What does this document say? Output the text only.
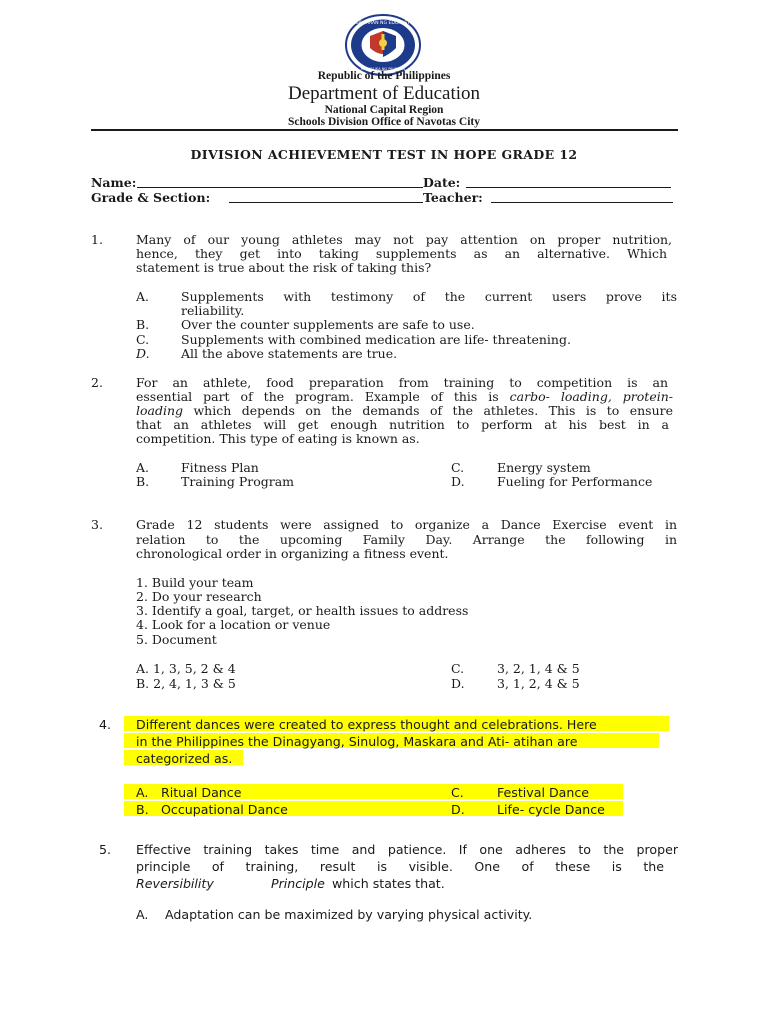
KAGAWARAN NG EDUKASYON
REPUBLIKA NG PILIPINAS
Republic of the Philippines
Department of Education
National Capital Region
Schools Division Office of Navotas City
DIVISION ACHIEVEMENT TEST IN HOPE GRADE 12
Name:	Date:
Grade & Section:	Teacher:
1.	Many of our young athletes may not pay attention on proper nutrition,
hence, they get into taking supplements as an alternative. Which
statement is true about the risk of taking this?
A.	Supplements with testimony of the current users prove its
reliability.
B.	Over the counter supplements are safe to use.
C.	Supplements with combined medication are life- threatening.
D.	All the above statements are true.
2.	For an athlete, food preparation from training to competition is an
essential part of the program. Example of this is carbo- loading, protein-
loading which depends on the demands of the athletes. This is to ensure
that an athletes will get enough nutrition to perform at his best in a
competition. This type of eating is known as.
A.	Fitness Plan	C.	Energy system
B.	Training Program	D.	Fueling for Performance
3.	Grade 12 students were assigned to organize a Dance Exercise event in
relation to the upcoming Family Day. Arrange the following in
chronological order in organizing a fitness event.
1. Build your team
2. Do your research
3. Identify a goal, target, or health issues to address
4. Look for a location or venue
5. Document
A. 1, 3, 5, 2 & 4	C.	3, 2, 1, 4 & 5
B. 2, 4, 1, 3 & 5	D.	3, 1, 2, 4 & 5
4. Different dances were created to express thought and celebrations. Here
in the Philippines the Dinagyang, Sinulog, Maskara and Ati- atihan are
categorized as.
A. Ritual Dance	C.	Festival Dance
B. Occupational Dance	D.	Life- cycle Dance
5. Effective training takes time and patience. If one adheres to the proper
principle of training, result is visible. One of these is the
Reversibility	Principle which states that.
A. Adaptation can be maximized by varying physical activity.
